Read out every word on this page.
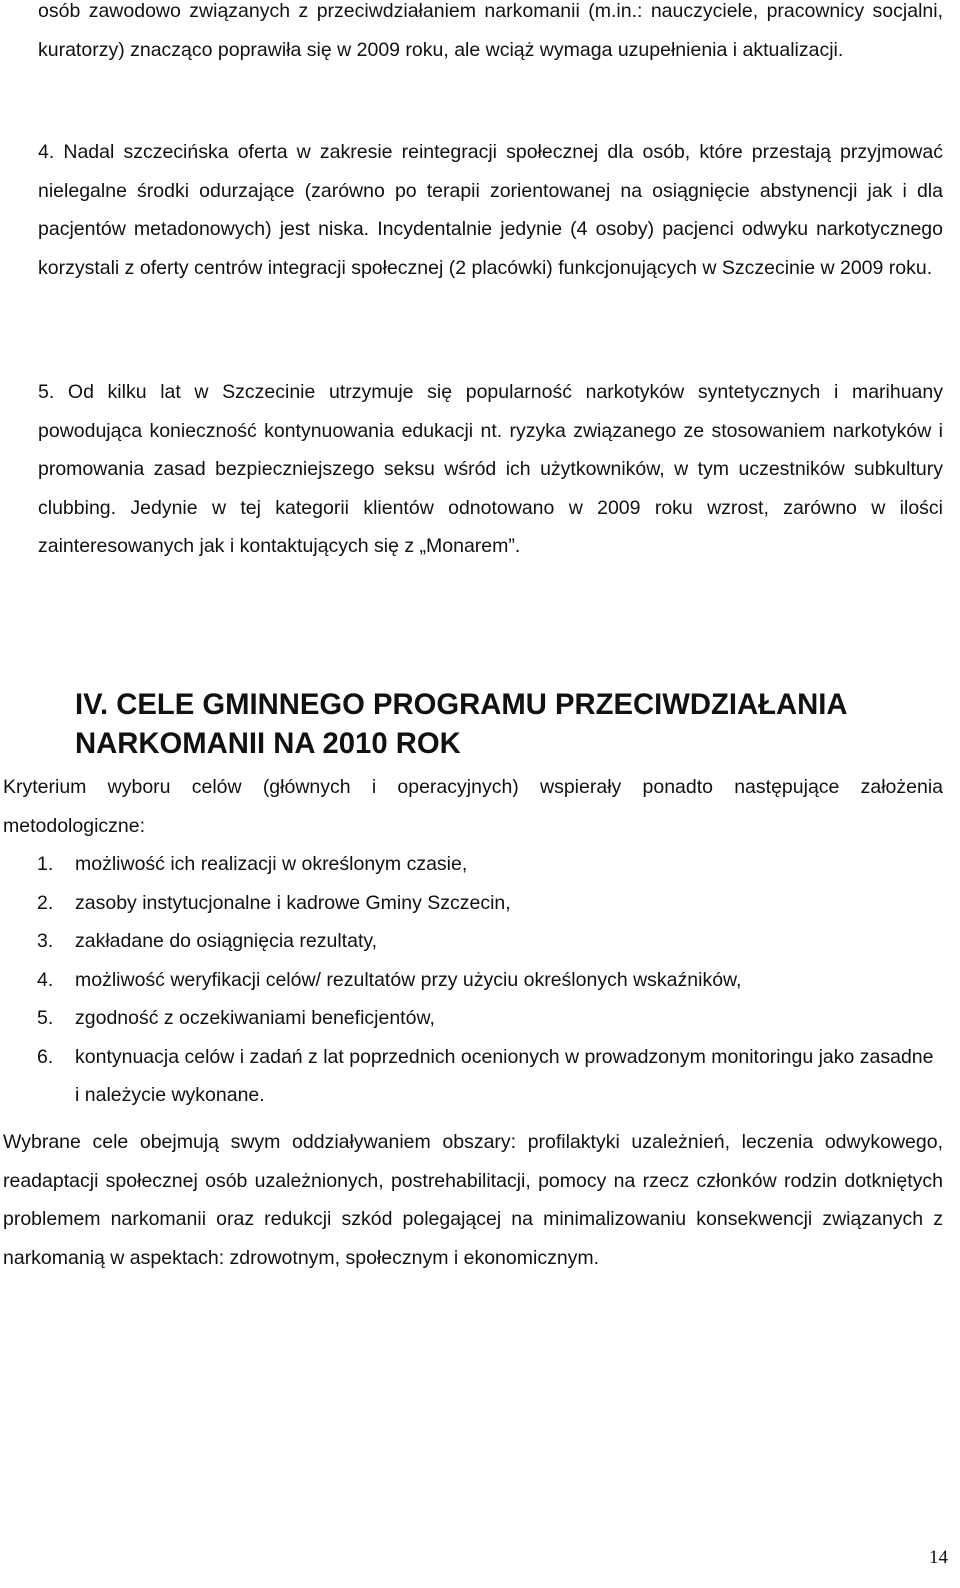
osób zawodowo związanych z przeciwdziałaniem narkomanii (m.in.: nauczyciele, pracownicy socjalni, kuratorzy) znacząco poprawiła się w 2009 roku, ale wciąż wymaga uzupełnienia i aktualizacji.

4. Nadal szczecińska oferta w zakresie reintegracji społecznej dla osób, które przestają przyjmować nielegalne środki odurzające (zarówno po terapii zorientowanej na osiągnięcie abstynencji jak i dla pacjentów metadonowych) jest niska. Incydentalnie jedynie (4 osoby) pacjenci odwyku narkotycznego korzystali z oferty centrów integracji społecznej (2 placówki) funkcjonujących w Szczecinie w 2009 roku.

5. Od kilku lat w Szczecinie utrzymuje się popularność narkotyków syntetycznych i marihuany powodująca konieczność kontynuowania edukacji nt. ryzyka związanego ze stosowaniem narkotyków i promowania zasad bezpieczniejszego seksu wśród ich użytkowników, w tym uczestników subkultury clubbing. Jedynie w tej kategorii klientów odnotowano w 2009 roku wzrost, zarówno w ilości zainteresowanych jak i kontaktujących się z „Monarem”.

IV. CELE GMINNEGO PROGRAMU PRZECIWDZIAŁANIA NARKOMANII NA 2010 ROK

Kryterium wyboru celów (głównych i operacyjnych) wspierały ponadto następujące założenia metodologiczne:

1. możliwość ich realizacji w określonym czasie,
2. zasoby instytucjonalne i kadrowe Gminy Szczecin,
3. zakładane do osiągnięcia rezultaty,
4. możliwość weryfikacji celów/ rezultatów przy użyciu określonych wskaźników,
5. zgodność z oczekiwaniami beneficjentów,
6. kontynuacja celów i zadań z lat poprzednich ocenionych w prowadzonym monitoringu jako zasadne i należycie wykonane.

Wybrane cele obejmują swym oddziaływaniem obszary: profilaktyki uzależnień, leczenia odwykowego, readaptacji społecznej osób uzależnionych, postrehabilitacji, pomocy na rzecz członków rodzin dotkniętych problemem narkomanii oraz redukcji szkód polegającej na minimalizowaniu konsekwencji związanych z narkomanią w aspektach: zdrowotnym, społecznym i ekonomicznym.

14
